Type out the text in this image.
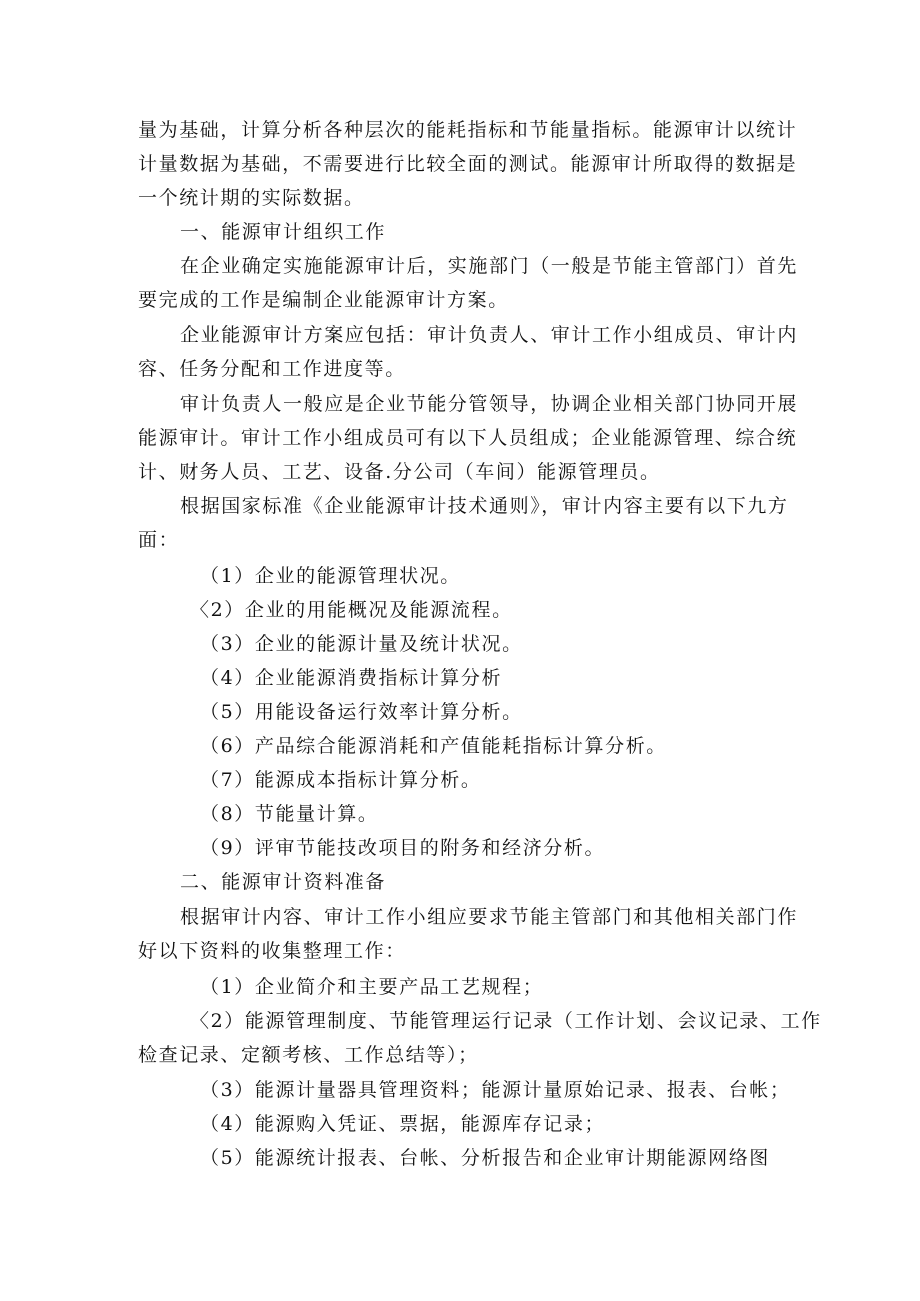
量为基础，计算分析各种层次的能耗指标和节能量指标。能源审计以统计
计量数据为基础，不需要进行比较全面的测试。能源审计所取得的数据是
一个统计期的实际数据。
一、能源审计组织工作
在企业确定实施能源审计后，实施部门（一般是节能主管部门）首先
要完成的工作是编制企业能源审计方案。
企业能源审计方案应包括：审计负责人、审计工作小组成员、审计内
容、任务分配和工作进度等。
审计负责人一般应是企业节能分管领导，协调企业相关部门协同开展
能源审计。审计工作小组成员可有以下人员组成；企业能源管理、综合统
计、财务人员、工艺、设备.分公司（车间）能源管理员。
根据国家标准《企业能源审计技术通则》，审计内容主要有以下九方
面：
（1）企业的能源管理状况。
〈2）企业的用能概况及能源流程。
（3）企业的能源计量及统计状况。
（4）企业能源消费指标计算分析
（5）用能设备运行效率计算分析。
（6）产品综合能源消耗和产值能耗指标计算分析。
（7）能源成本指标计算分析。
（8）节能量计算。
（9）评审节能技改项目的附务和经济分析。
二、能源审计资料准备
根据审计内容、审计工作小组应要求节能主管部门和其他相关部门作
好以下资料的收集整理工作：
（1）企业简介和主要产品工艺规程；
〈2）能源管理制度、节能管理运行记录（工作计划、会议记录、工作
检查记录、定额考核、工作总结等）；
（3）能源计量器具管理资料；能源计量原始记录、报表、台帐；
（4）能源购入凭证、票据，能源库存记录；
（5）能源统计报表、台帐、分析报告和企业审计期能源网络图
